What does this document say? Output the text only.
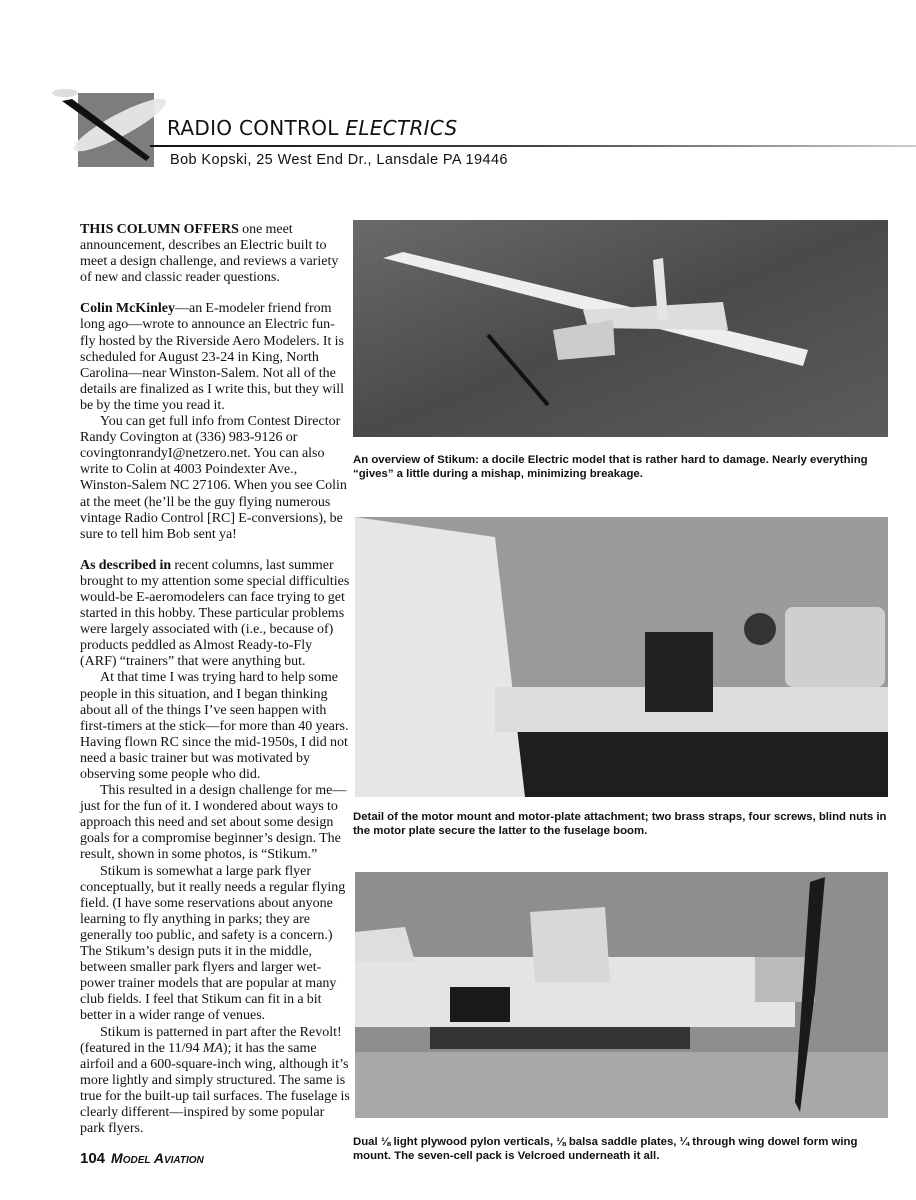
RADIO CONTROL ELECTRICS
Bob Kopski, 25 West End Dr., Lansdale PA 19446

THIS COLUMN OFFERS one meet announcement, describes an Electric built to meet a design challenge, and reviews a variety of new and classic reader questions.

Colin McKinley—an E-modeler friend from long ago—wrote to announce an Electric fun-fly hosted by the Riverside Aero Modelers. It is scheduled for August 23-24 in King, North Carolina—near Winston-Salem. Not all of the details are finalized as I write this, but they will be by the time you read it.

You can get full info from Contest Director Randy Covington at (336) 983-9126 or covingtonrandyI@netzero.net. You can also write to Colin at 4003 Poindexter Ave., Winston-Salem NC 27106. When you see Colin at the meet (he’ll be the guy flying numerous vintage Radio Control [RC] E-conversions), be sure to tell him Bob sent ya!

As described in recent columns, last summer brought to my attention some special difficulties would-be E-aeromodelers can face trying to get started in this hobby. These particular problems were largely associated with (i.e., because of) products peddled as Almost Ready-to-Fly (ARF) “trainers” that were anything but.

At that time I was trying hard to help some people in this situation, and I began thinking about all of the things I’ve seen happen with first-timers at the stick—for more than 40 years. Having flown RC since the mid-1950s, I did not need a basic trainer but was motivated by observing some people who did.

This resulted in a design challenge for me—just for the fun of it. I wondered about ways to approach this need and set about some design goals for a compromise beginner’s design. The result, shown in some photos, is “Stikum.”

Stikum is somewhat a large park flyer conceptually, but it really needs a regular flying field. (I have some reservations about anyone learning to fly anything in parks; they are generally too public, and safety is a concern.) The Stikum’s design puts it in the middle, between smaller park flyers and larger wet-power trainer models that are popular at many club fields. I feel that Stikum can fit in a bit better in a wider range of venues.

Stikum is patterned in part after the Revolt! (featured in the 11/94 MA); it has the same airfoil and a 600-square-inch wing, although it’s more lightly and simply structured. The same is true for the built-up tail surfaces. The fuselage is clearly different—inspired by some popular park flyers.

104 Model Aviation
An overview of Stikum: a docile Electric model that is rather hard to damage. Nearly everything “gives” a little during a mishap, minimizing breakage.
Detail of the motor mount and motor-plate attachment; two brass straps, four screws, blind nuts in the motor plate secure the latter to the fuselage boom.
Dual ⅛ light plywood pylon verticals, ⅛ balsa saddle plates, ¼ through wing dowel form wing mount. The seven-cell pack is Velcroed underneath it all.
